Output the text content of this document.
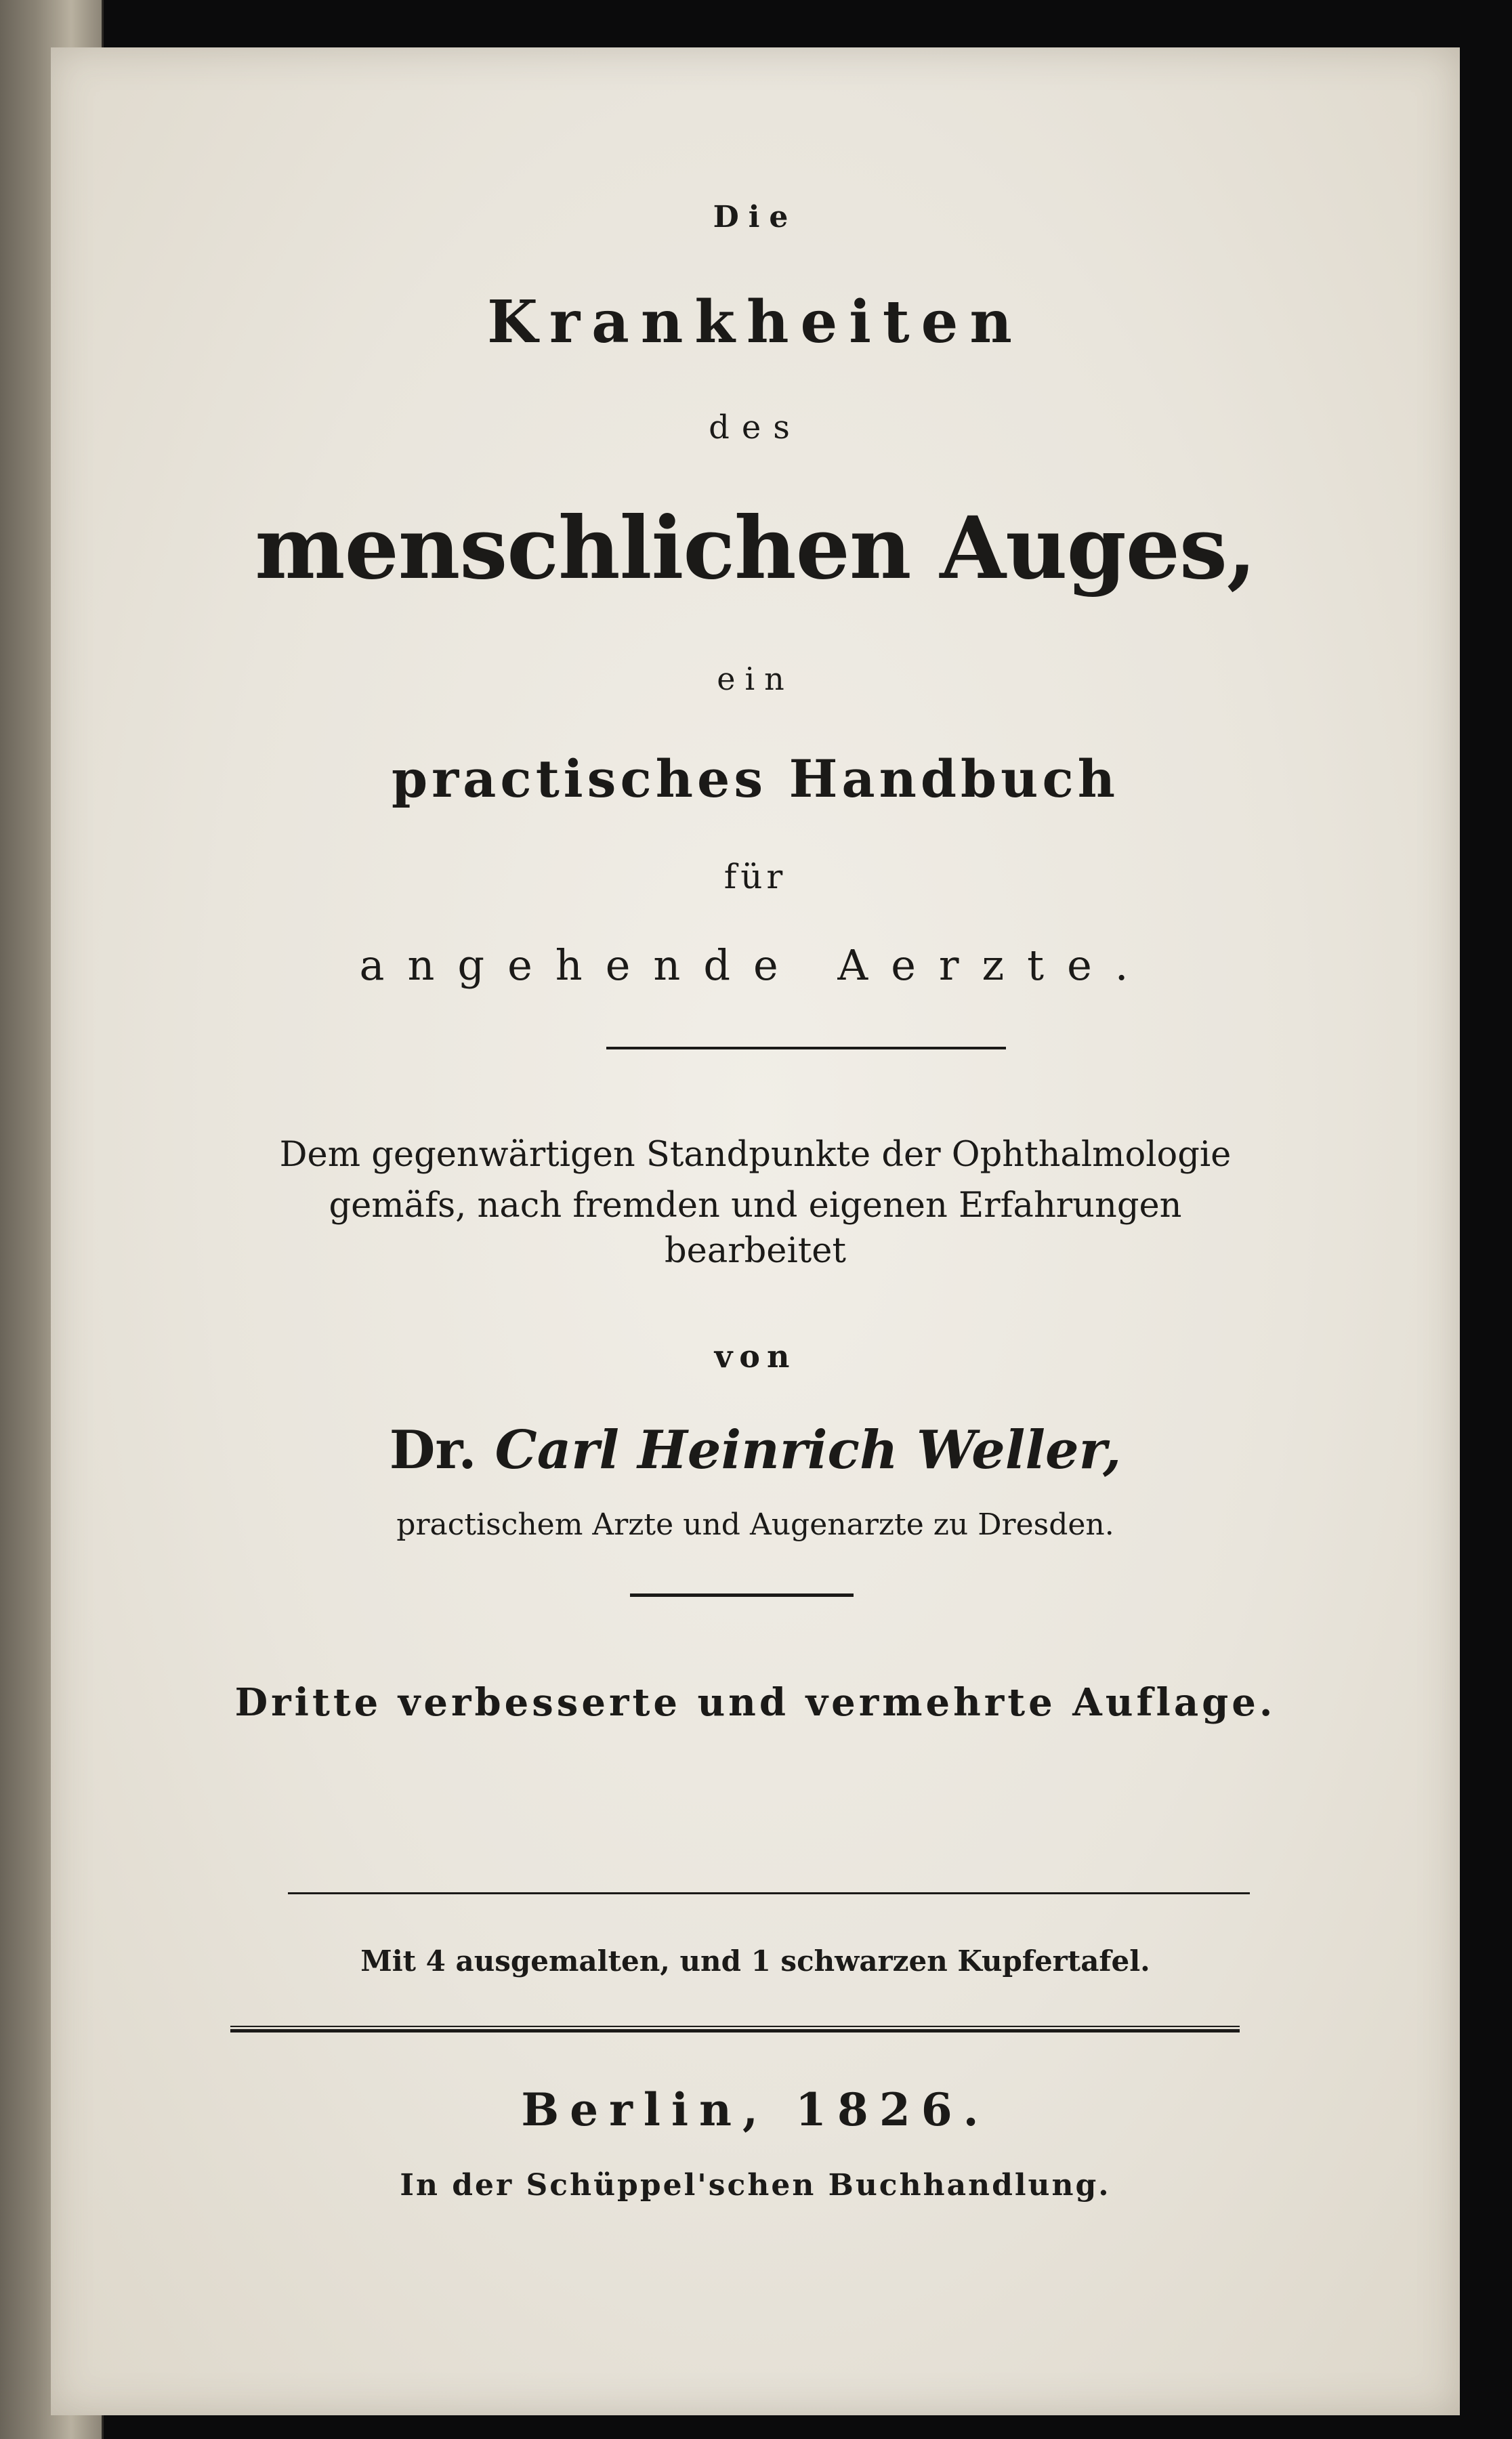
Die
Krankheiten
des
menschlichen Auges,
ein
practisches Handbuch
für
angehende Aerzte.
Dem gegenwärtigen Standpunkte der Ophthalmologie
gemäfs, nach fremden und eigenen Erfahrungen
bearbeitet
von
Dr. Carl Heinrich Weller,
practischem Arzte und Augenarzte zu Dresden.
Dritte verbesserte und vermehrte Auflage.
Mit 4 ausgemalten, und 1 schwarzen Kupfertafel.
Berlin, 1826.
In der Schüppel'schen Buchhandlung.
